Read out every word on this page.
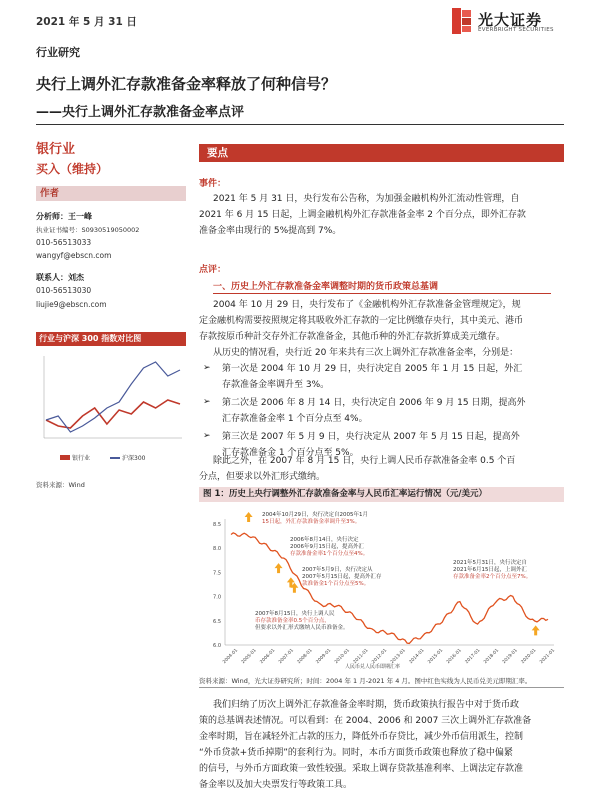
2021 年 5 月 31 日	光大证券
EVERBRIGHT SECURITIES
行业研究
央行上调外汇存款准备金率释放了何种信号？
——央行上调外汇存款准备金率点评
银行业
买入（维持）
作者
分析师：王一峰
执业证书编号：S0930519050002
010-56513033
wangyf@ebscn.com
联系人：刘杰
010-56513030
liujie9@ebscn.com
行业与沪深 300 指数对比图
银行业	沪深300
资料来源：Wind
要点
事件：
2021 年 5 月 31 日，央行发布公告称，为加强金融机构外汇流动性管理，自
2021 年 6 月 15 日起，上调金融机构外汇存款准备金率 2 个百分点，即外汇存款
准备金率由现行的 5%提高到 7%。
点评：
一、历史上外汇存款准备金率调整时期的货币政策总基调
2004 年 10 月 29 日，央行发布了《金融机构外汇存款准备金管理规定》，规
定金融机构需要按照规定将其吸收外汇存款的一定比例缴存央行，其中美元、港币
存款按原币种計交存外汇存款准备金，其他币种的外汇存款折算成美元缴存。
从历史的情况看，央行近 20 年来共有三次上调外汇存款准备金率，分别是：
➢ 第一次是 2004 年 10 月 29 日，央行决定自 2005 年 1 月 15 日起，外汇
存款准备金率调升至 3%。
➢ 第二次是 2006 年 8 月 14 日，央行决定自 2006 年 9 月 15 日期，提高外
汇存款准备金率 1 个百分点至 4%。
➢ 第三次是 2007 年 5 月 9 日，央行决定从 2007 年 5 月 15 日起，提高外
汇存款准备金 1 个百分点至 5%。
除此之外，在 2007 年 8 月 15 日，央行上调人民币存款准备金率 0.5 个百
分点，但要求以外汇形式缴纳。
图 1：历史上央行调整外汇存款准备金率与人民币汇率运行情况（元/美元）
8.5
8.0
7.5
7.0
6.5
6.0
2004-01 2005-01 2006-01 2007-01 2008-01 2009-01 2010-01 2011-01 2012-01 2013-01 2014-01 2015-01 2016-01 2017-01 2018-01 2019-01 2020-01 2021-01
2004年10月29日，央行决定自2005年1月
15日起，外汇存款准备金率调升至3%。
2006年8月14日，央行决定
2006年9月15日起，提高外汇
存款准备金率1个百分点至4%。
2007年5月9日，央行决定从
2007年5月15日起，提高外汇存
款准备金1个百分点至5%。
2007年8月15日，央行上调人民
币存款准备金率0.5个百分点，
但要求以外汇形式缴纳人民币准备金。
2021年5月31日，央行决定自
2021年6月15日起，上调外汇
存款准备金率2个百分点至7%。
人民币兑人民币即期汇率
资料来源：Wind，光大证券研究所；时间：2004 年 1 月-2021 年 4 月。图中红色实线为人民币兑美元即期汇率。
我们归纳了历次上调外汇存款准备金率时期，货币政策执行报告中对于货币政
策的总基调表述情况。可以看到：在 2004、2006 和 2007 三次上调外汇存款准备
金率时期，旨在减轻外汇占款的压力，降低外币存贷比，减少外币信用派生，控制
“外币贷款+货币掉期”的套利行为。同时，本币方面货币政策也释放了稳中偏紧
的信号，与外币方面政策一致性较强。采取上调存贷款基准利率、上调法定存款准
备金率以及加大央票发行等政策工具。
